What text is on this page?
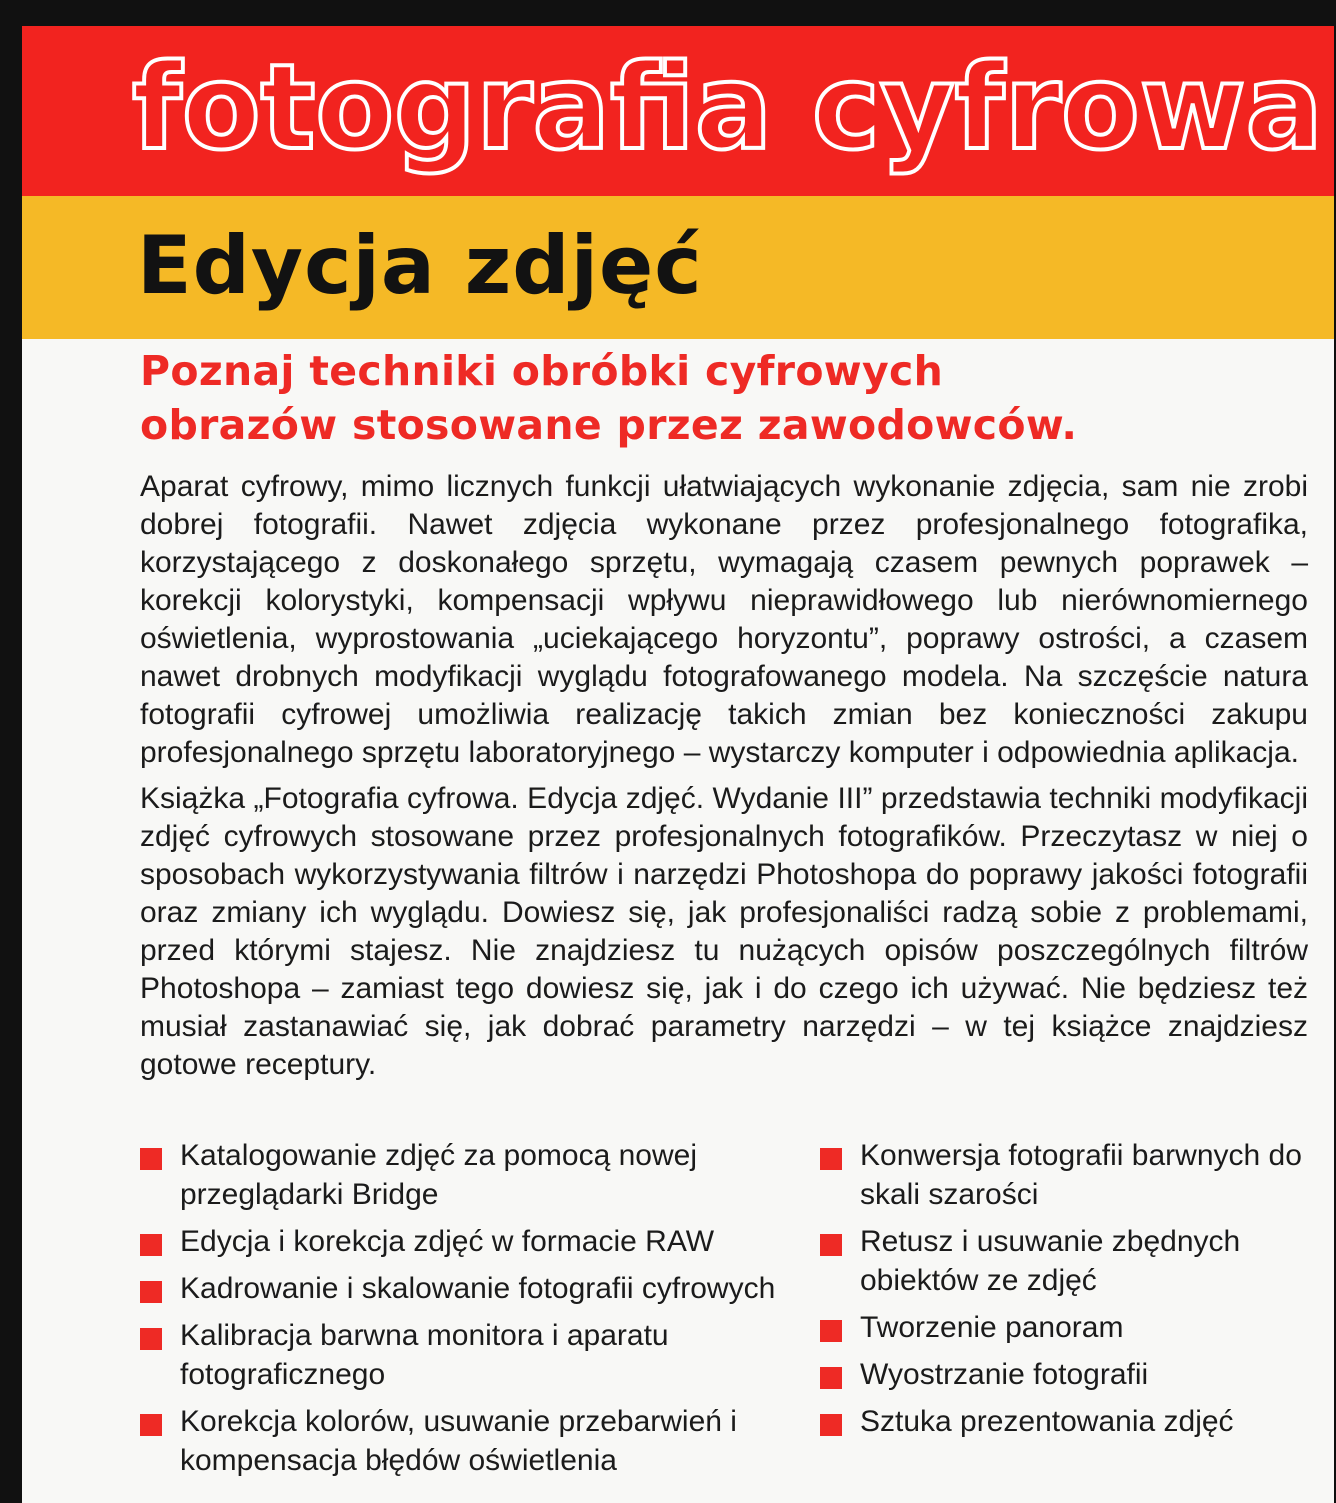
fotografia cyfrowa
Edycja zdjęć
Poznaj techniki obróbki cyfrowych
obrazów stosowane przez zawodowców.

Aparat cyfrowy, mimo licznych funkcji ułatwiających wykonanie zdjęcia, sam nie zrobi dobrej fotografii. Nawet zdjęcia wykonane przez profesjonalnego fotografika, korzystającego z doskonałego sprzętu, wymagają czasem pewnych poprawek – korekcji kolorystyki, kompensacji wpływu nieprawidłowego lub nierównomiernego oświetlenia, wyprostowania „uciekającego horyzontu”, poprawy ostrości, a czasem nawet drobnych modyfikacji wyglądu fotografowanego modela. Na szczęście natura fotografii cyfrowej umożliwia realizację takich zmian bez konieczności zakupu profesjonalnego sprzętu laboratoryjnego – wystarczy komputer i odpowiednia aplikacja.

Książka „Fotografia cyfrowa. Edycja zdjęć. Wydanie III” przedstawia techniki modyfikacji zdjęć cyfrowych stosowane przez profesjonalnych fotografików. Przeczytasz w niej o sposobach wykorzystywania filtrów i narzędzi Photoshopa do poprawy jakości fotografii oraz zmiany ich wyglądu. Dowiesz się, jak profesjonaliści radzą sobie z problemami, przed którymi stajesz. Nie znajdziesz tu nużących opisów poszczególnych filtrów Photoshopa – zamiast tego dowiesz się, jak i do czego ich używać. Nie będziesz też musiał zastanawiać się, jak dobrać parametry narzędzi – w tej książce znajdziesz gotowe receptury.

Katalogowanie zdjęć za pomocą nowej przeglądarki Bridge
Edycja i korekcja zdjęć w formacie RAW
Kadrowanie i skalowanie fotografii cyfrowych
Kalibracja barwna monitora i aparatu fotograficznego
Korekcja kolorów, usuwanie przebarwień i kompensacja błędów oświetlenia
Konwersja fotografii barwnych do skali szarości
Retusz i usuwanie zbędnych obiektów ze zdjęć
Tworzenie panoram
Wyostrzanie fotografii
Sztuka prezentowania zdjęć
